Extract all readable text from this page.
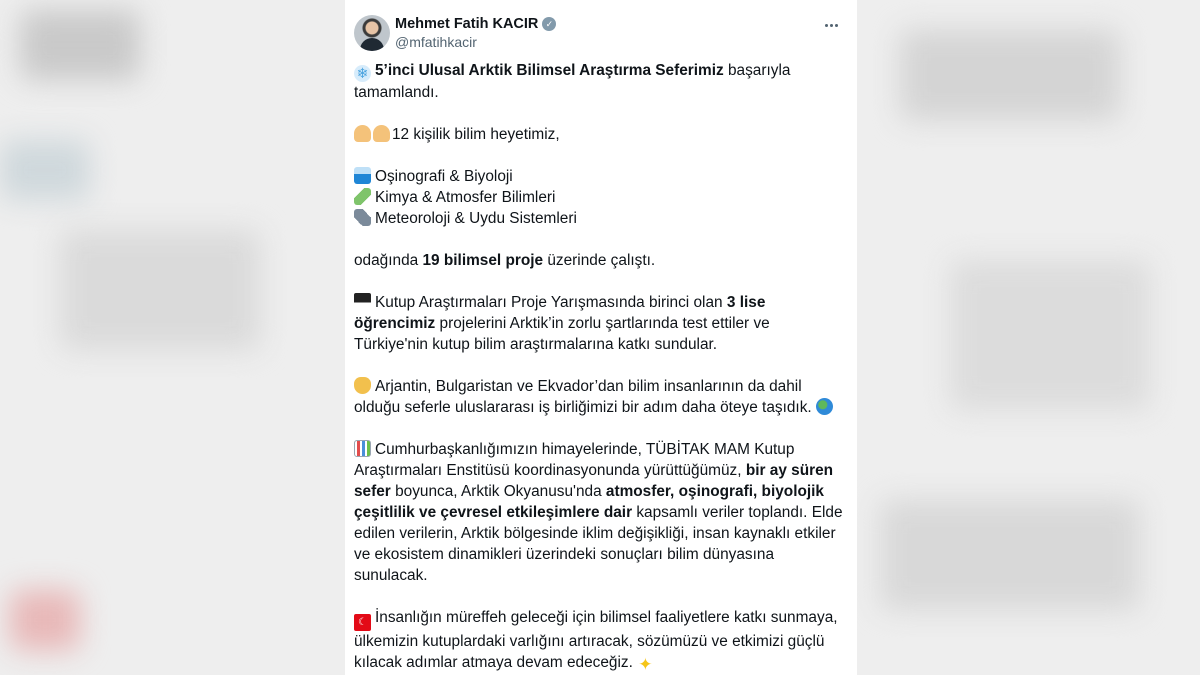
Mehmet Fatih KACIR ✓
@mfatihkacir

❄ 5’inci Ulusal Arktik Bilimsel Araştırma Seferimiz başarıyla tamamlandı.

12 kişilik bilim heyetimiz,

Oşinografi & Biyoloji

Kimya & Atmosfer Bilimleri

Meteoroloji & Uydu Sistemleri

odağında 19 bilimsel proje üzerinde çalıştı.

Kutup Araştırmaları Proje Yarışmasında birinci olan 3 lise öğrencimiz projelerini Arktik’in zorlu şartlarında test ettiler ve Türkiye'nin kutup bilim araştırmalarına katkı sundular.

Arjantin, Bulgaristan ve Ekvador’dan bilim insanlarının da dahil olduğu seferle uluslararası iş birliğimizi bir adım daha öteye taşıdık.

Cumhurbaşkanlığımızın himayelerinde, TÜBİTAK MAM Kutup Araştırmaları Enstitüsü koordinasyonunda yürüttüğümüz, bir ay süren sefer boyunca, Arktik Okyanusu'nda atmosfer, oşinografi, biyolojik çeşitlilik ve çevresel etkileşimlere dair kapsamlı veriler toplandı. Elde edilen verilerin, Arktik bölgesinde iklim değişikliği, insan kaynaklı etkiler ve ekosistem dinamikleri üzerindeki sonuçları bilim dünyasına sunulacak.

☾ İnsanlığın müreffeh geleceği için bilimsel faaliyetlere katkı sunmaya, ülkemizin kutuplardaki varlığını artıracak, sözümüzü ve etkimizi güçlü kılacak adımlar atmaya devam edeceğiz. ✦
